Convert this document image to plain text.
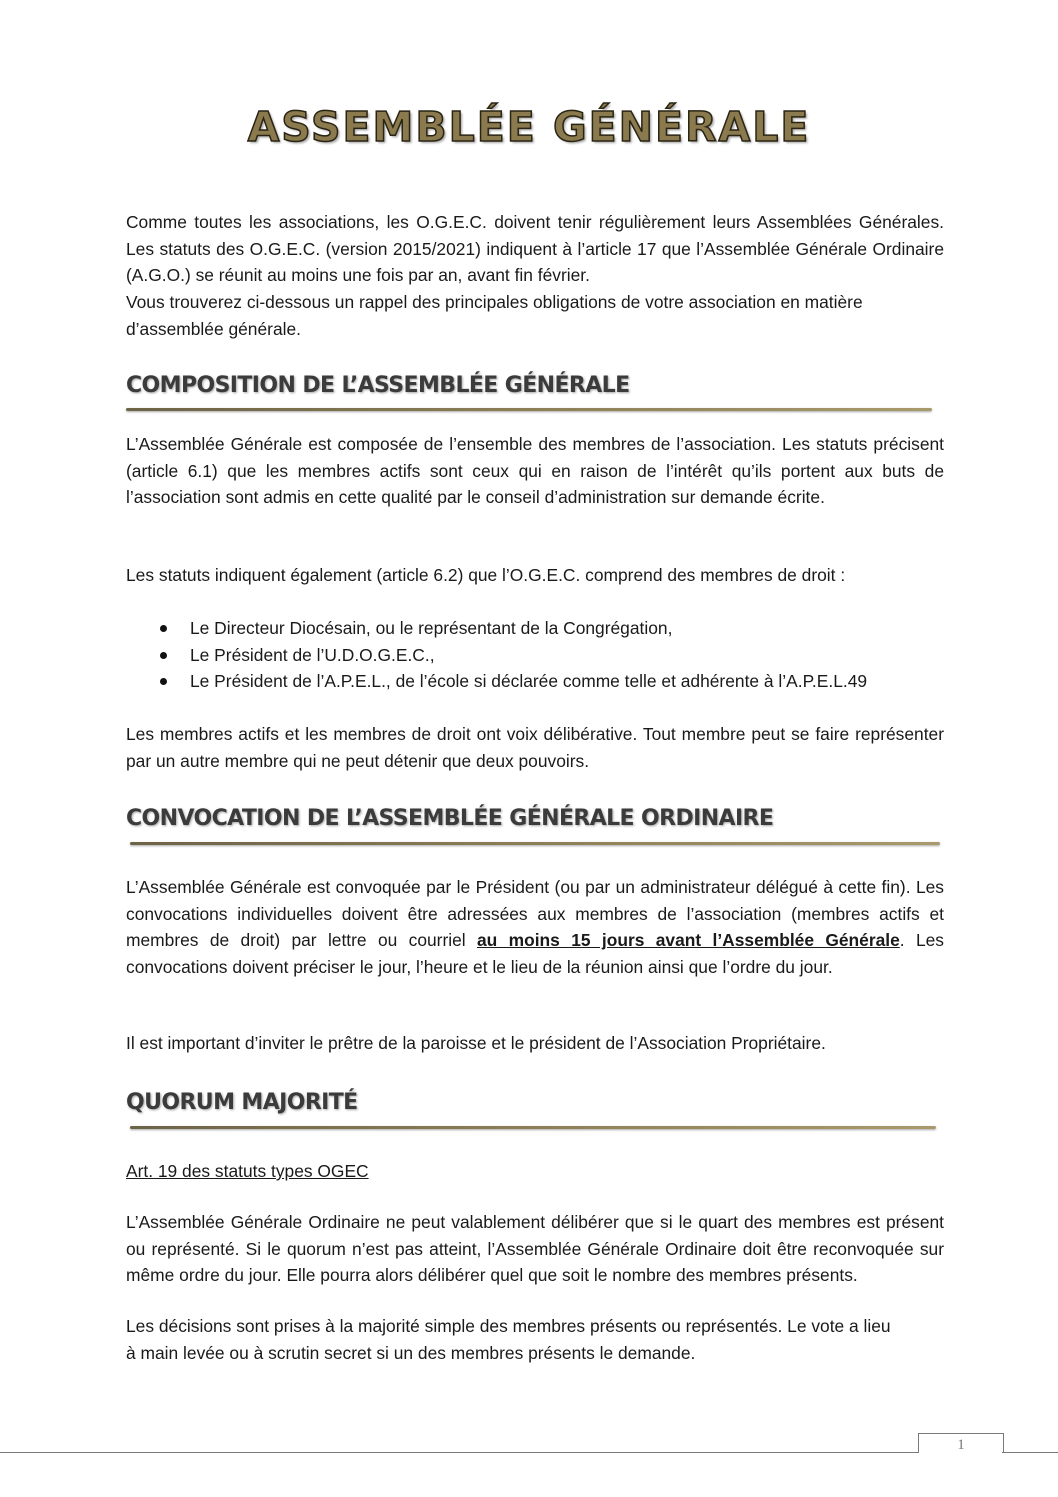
ASSEMBLÉE GÉNÉRALE

Comme toutes les associations, les O.G.E.C. doivent tenir régulièrement leurs Assemblées Générales. Les statuts des O.G.E.C. (version 2015/2021) indiquent à l’article 17 que l’Assemblée Générale Ordinaire (A.G.O.) se réunit au moins une fois par an, avant fin février.

Vous trouverez ci-dessous un rappel des principales obligations de votre association en matière d’assemblée générale.

COMPOSITION DE L’ASSEMBLÉE GÉNÉRALE

L’Assemblée Générale est composée de l’ensemble des membres de l’association. Les statuts précisent (article 6.1) que les membres actifs sont ceux qui en raison de l’intérêt qu’ils portent aux buts de l’association sont admis en cette qualité par le conseil d’administration sur demande écrite.

Les statuts indiquent également (article 6.2) que l’O.G.E.C. comprend des membres de droit :

Le Directeur Diocésain, ou le représentant de la Congrégation,
Le Président de l’U.D.O.G.E.C.,
Le Président de l’A.P.E.L., de l’école si déclarée comme telle et adhérente à l’A.P.E.L.49

Les membres actifs et les membres de droit ont voix délibérative. Tout membre peut se faire représenter par un autre membre qui ne peut détenir que deux pouvoirs.

CONVOCATION DE L’ASSEMBLÉE GÉNÉRALE ORDINAIRE

L’Assemblée Générale est convoquée par le Président (ou par un administrateur délégué à cette fin). Les convocations individuelles doivent être adressées aux membres de l’association (membres actifs et membres de droit) par lettre ou courriel au moins 15 jours avant l’Assemblée Générale. Les convocations doivent préciser le jour, l’heure et le lieu de la réunion ainsi que l’ordre du jour.

Il est important d’inviter le prêtre de la paroisse et le président de l’Association Propriétaire.

QUORUM MAJORITÉ

Art. 19 des statuts types OGEC

L’Assemblée Générale Ordinaire ne peut valablement délibérer que si le quart des membres est présent ou représenté. Si le quorum n’est pas atteint, l’Assemblée Générale Ordinaire doit être reconvoquée sur même ordre du jour. Elle pourra alors délibérer quel que soit le nombre des membres présents.

Les décisions sont prises à la majorité simple des membres présents ou représentés. Le vote a lieu à main levée ou à scrutin secret si un des membres présents le demande.

1
